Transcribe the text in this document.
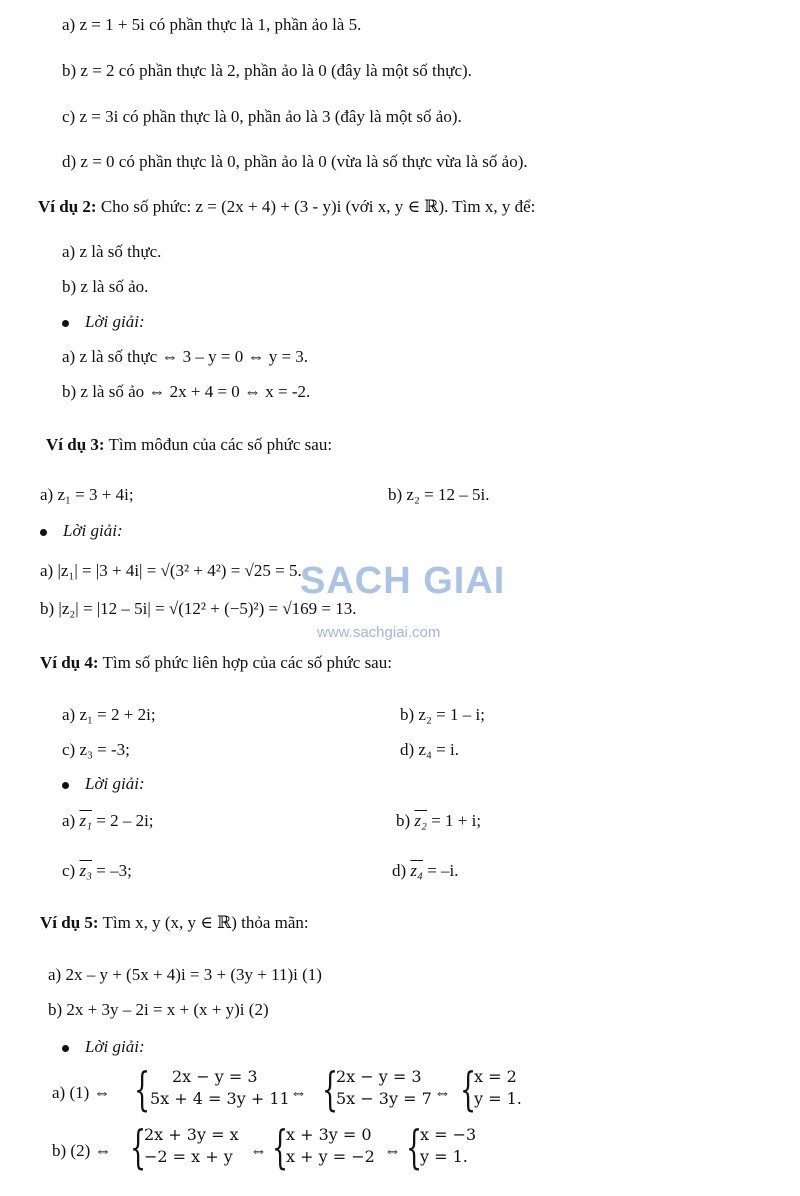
SACH GIAI
www.sachgiai.com
a) z = 1 + 5i có phần thực là 1, phần ảo là 5.
b) z = 2 có phần thực là 2, phần ảo là 0 (đây là một số thực).
c) z = 3i có phần thực là 0, phần ảo là 3 (đây là một số ảo).
d) z = 0 có phần thực là 0, phần ảo là 0 (vừa là số thực vừa là số ảo).
Ví dụ 2: Cho số phức: z = (2x + 4) + (3 - y)i (với x, y ∈ ℝ). Tìm x, y để:
a) z là số thực.
b) z là số ảo.
Lời giải:
a) z là số thực ⇔ 3 – y = 0 ⇔ y = 3.
b) z là số ảo ⇔ 2x + 4 = 0 ⇔ x = -2.
Ví dụ 3: Tìm môđun của các số phức sau:
a) z₁ = 3 + 4i;	b) z₂ = 12 – 5i.
Lời giải:
a) |z₁| = |3 + 4i| = √(3² + 4²) = √25 = 5.
b) |z₂| = |12 – 5i| = √(12² + (−5)²) = √169 = 13.
Ví dụ 4: Tìm số phức liên hợp của các số phức sau:
a) z₁ = 2 + 2i;	b) z₂ = 1 – i;
c) z₃ = -3;	d) z₄ = i.
Lời giải:
a) z₁ = 2 – 2i;	b) z₂ = 1 + i;
c) z₃ = –3;	d) z₄ = –i.
Ví dụ 5: Tìm x, y (x, y ∈ ℝ) thỏa mãn:
a) 2x – y + (5x + 4)i = 3 + (3y + 11)i (1)
b) 2x + 3y – 2i = x + (x + y)i (2)
Lời giải:
a) (1) ⇔ {	2x − y = 3
5x + 4 = 3y + 11 ⇔ {
2x − y = 3
5x − 3y = 7 ⇔ {
x = 2
y = 1.
b) (2) ⇔ {
2x + 3y = x
−2 = x + y	⇔ {
x + 3y = 0
x + y = −2 ⇔ {
x = −3
y = 1.
